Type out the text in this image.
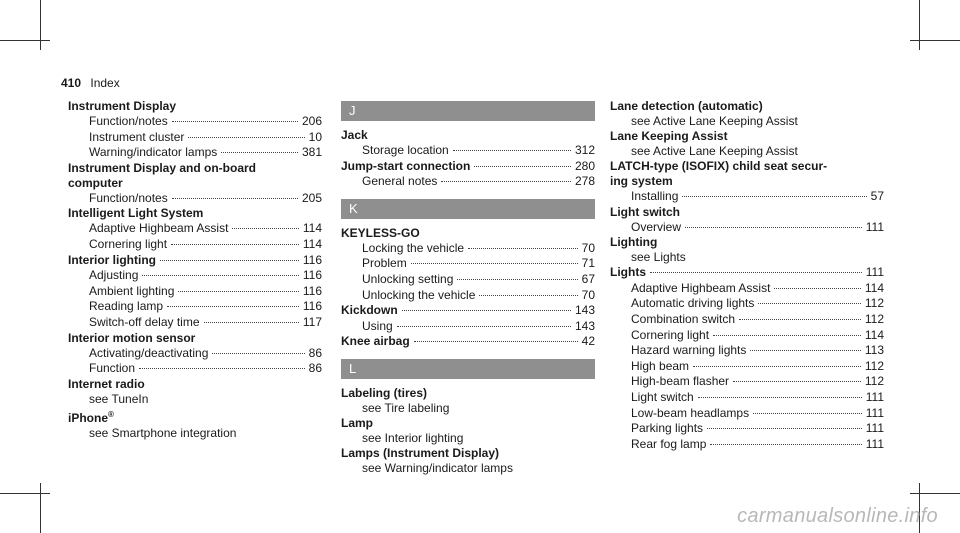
410 Index
Instrument Display
Function/notes	206
Instrument cluster	10
Warning/indicator lamps	381
Instrument Display and on-board
computer
Function/notes	205
Intelligent Light System
Adaptive Highbeam Assist	114
Cornering light	114
Interior lighting	116
Adjusting	116
Ambient lighting	116
Reading lamp	116
Switch-off delay time	117
Interior motion sensor
Activating/deactivating	86
Function	86
Internet radio
see TuneIn
iPhone®
see Smartphone integration
J
Jack
Storage location	312
Jump-start connection	280
General notes	278
K
KEYLESS-GO
Locking the vehicle	70
Problem	71
Unlocking setting	67
Unlocking the vehicle	70
Kickdown	143
Using	143
Knee airbag	42
L
Labeling (tires)
see Tire labeling
Lamp
see Interior lighting
Lamps (Instrument Display)
see Warning/indicator lamps
Lane detection (automatic)
see Active Lane Keeping Assist
Lane Keeping Assist
see Active Lane Keeping Assist
LATCH-type (ISOFIX) child seat secur-
ing system
Installing	57
Light switch
Overview	111
Lighting
see Lights
Lights	111
Adaptive Highbeam Assist	114
Automatic driving lights	112
Combination switch	112
Cornering light	114
Hazard warning lights	113
High beam	112
High-beam flasher	112
Light switch	111
Low-beam headlamps	111
Parking lights	111
Rear fog lamp	111
carmanualsonline.info
